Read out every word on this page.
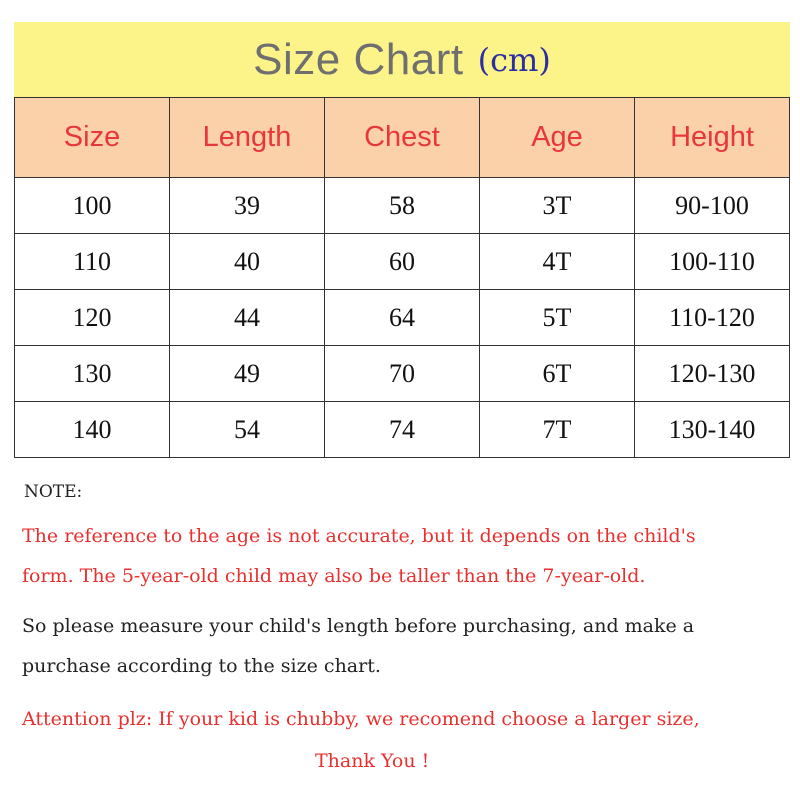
Size Chart (cm)
Size	Length	Chest	Age	Height
100	39	58	3T	90-100
110	40	60	4T	100-110
120	44	64	5T	110-120
130	49	70	6T	120-130
140	54	74	7T	130-140
NOTE:
The reference to the age is not accurate, but it depends on the child's
form. The 5-year-old child may also be taller than the 7-year-old.
So please measure your child's length before purchasing, and make a
purchase according to the size chart.
Attention plz: If your kid is chubby, we recomend choose a larger size,
Thank You !
